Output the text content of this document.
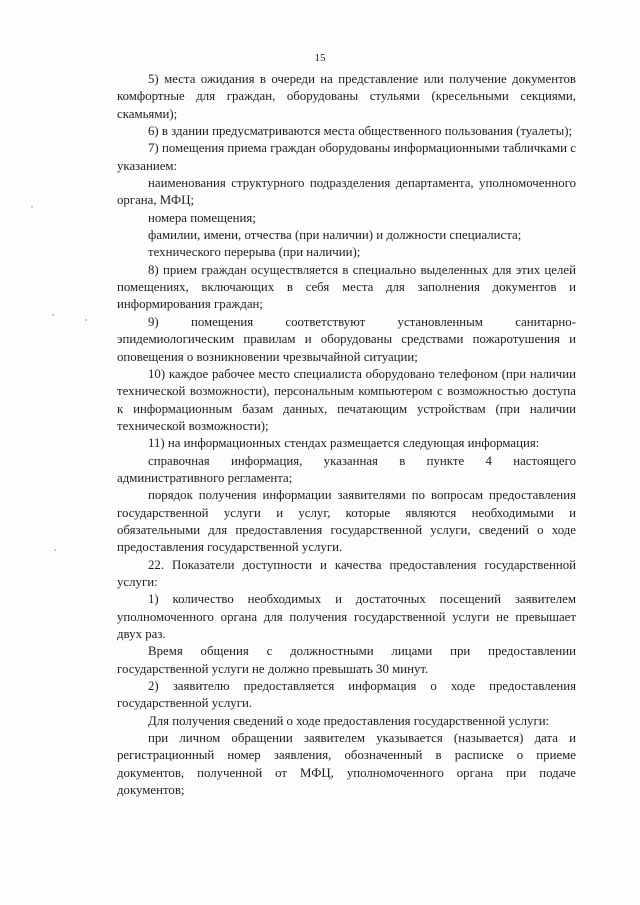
15

5) места ожидания в очереди на представление или получение документов комфортные для граждан, оборудованы стульями (кресельными секциями, скамьями);

6) в здании предусматриваются места общественного пользования (туалеты);

7) помещения приема граждан оборудованы информационными табличками с указанием:

наименования структурного подразделения департамента, уполномоченного органа, МФЦ;

номера помещения;

фамилии, имени, отчества (при наличии) и должности специалиста;

технического перерыва (при наличии);

8) прием граждан осуществляется в специально выделенных для этих целей помещениях, включающих в себя места для заполнения документов и информирования граждан;

9) помещения соответствуют установленным санитарно-эпидемиологическим правилам и оборудованы средствами пожаротушения и оповещения о возникновении чрезвычайной ситуации;

10) каждое рабочее место специалиста оборудовано телефоном (при наличии технической возможности), персональным компьютером с возможностью доступа к информационным базам данных, печатающим устройствам (при наличии технической возможности);

11) на информационных стендах размещается следующая информация:

справочная информация, указанная в пункте 4 настоящего административного регламента;

порядок получения информации заявителями по вопросам предоставления государственной услуги и услуг, которые являются необходимыми и обязательными для предоставления государственной услуги, сведений о ходе предоставления государственной услуги.

22. Показатели доступности и качества предоставления государственной услуги:

1) количество необходимых и достаточных посещений заявителем уполномоченного органа для получения государственной услуги не превышает двух раз.

Время общения с должностными лицами при предоставлении государственной услуги не должно превышать 30 минут.

2) заявителю предоставляется информация о ходе предоставления государственной услуги.

Для получения сведений о ходе предоставления государственной услуги:

при личном обращении заявителем указывается (называется) дата и регистрационный номер заявления, обозначенный в расписке о приеме документов, полученной от МФЦ, уполномоченного органа при подаче документов;
